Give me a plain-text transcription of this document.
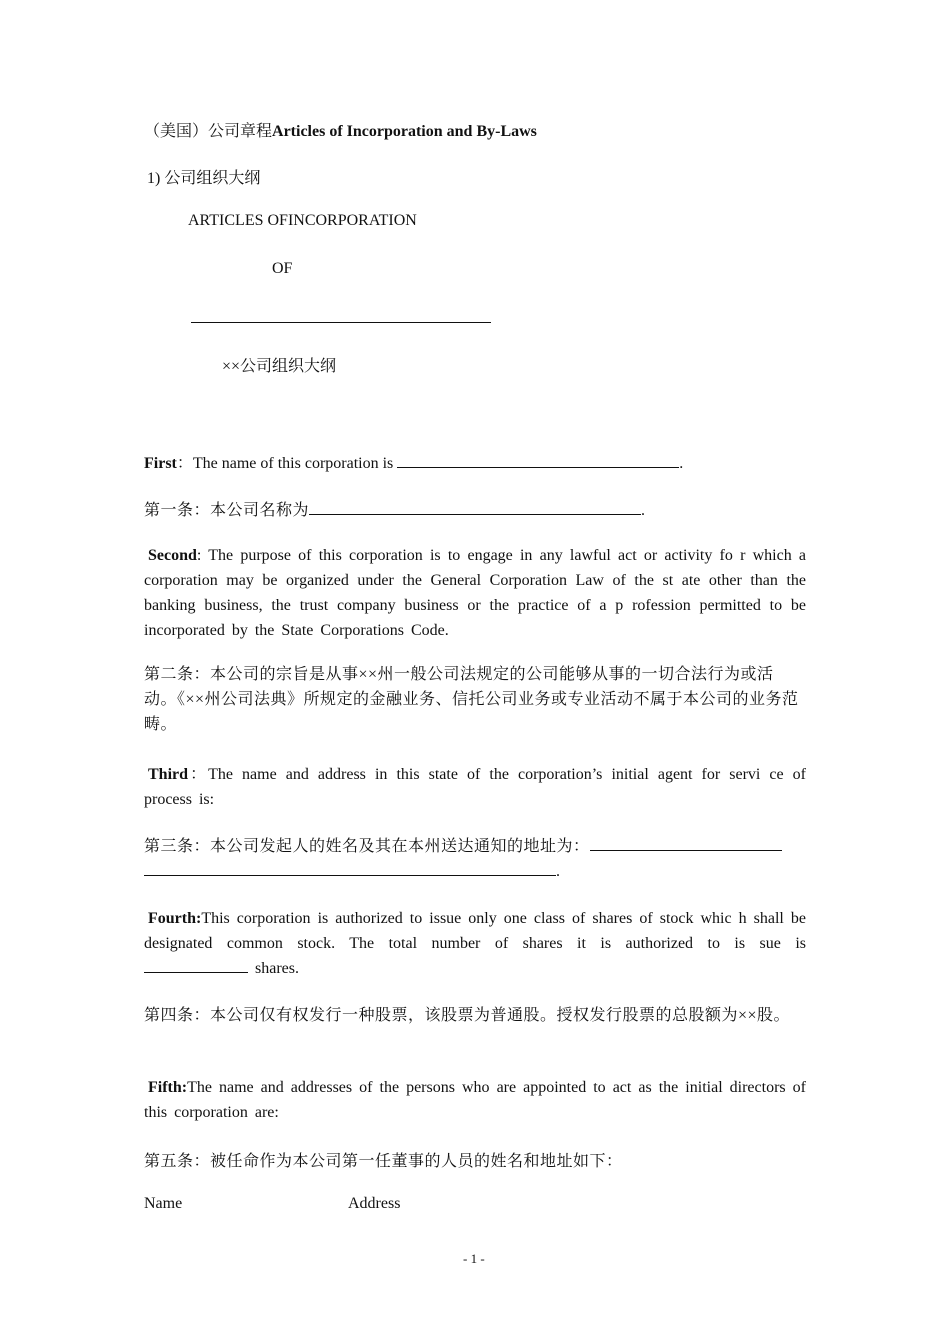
（美国）公司章程Articles of Incorporation and By-Laws
1) 公司组织大纲
ARTICLES OFINCORPORATION
OF
××公司组织大纲
First：The name of this corporation is	.
第一条：本公司名称为	.
Second: The purpose of this corporation is to engage in any lawful act or activity fo r which a corporation may be organized under the General Corporation Law of the st ate other than the banking business, the trust company business or the practice of a p rofession permitted to be incorporated by the State Corporations Code.
第二条：本公司的宗旨是从事××州一般公司法规定的公司能够从事的一切合法行为或活动。《××州公司法典》所规定的金融业务、信托公司业务或专业活动不属于本公司的业务范畴。
Third：The name and address in this state of the corporation’s initial agent for servi ce of process is:
第三条：本公司发起人的姓名及其在本州送达通知的地址为：
.
Fourth:This corporation is authorized to issue only one class of shares of stock whic h shall be designated common stock. The total number of shares it is authorized to is sue is  shares.
第四条：本公司仅有权发行一种股票，该股票为普通股。授权发行股票的总股额为××股。
Fifth:The name and addresses of the persons who are appointed to act as the initial directors of this corporation are:
第五条：被任命作为本公司第一任董事的人员的姓名和地址如下：
Name	Address
- 1 -
